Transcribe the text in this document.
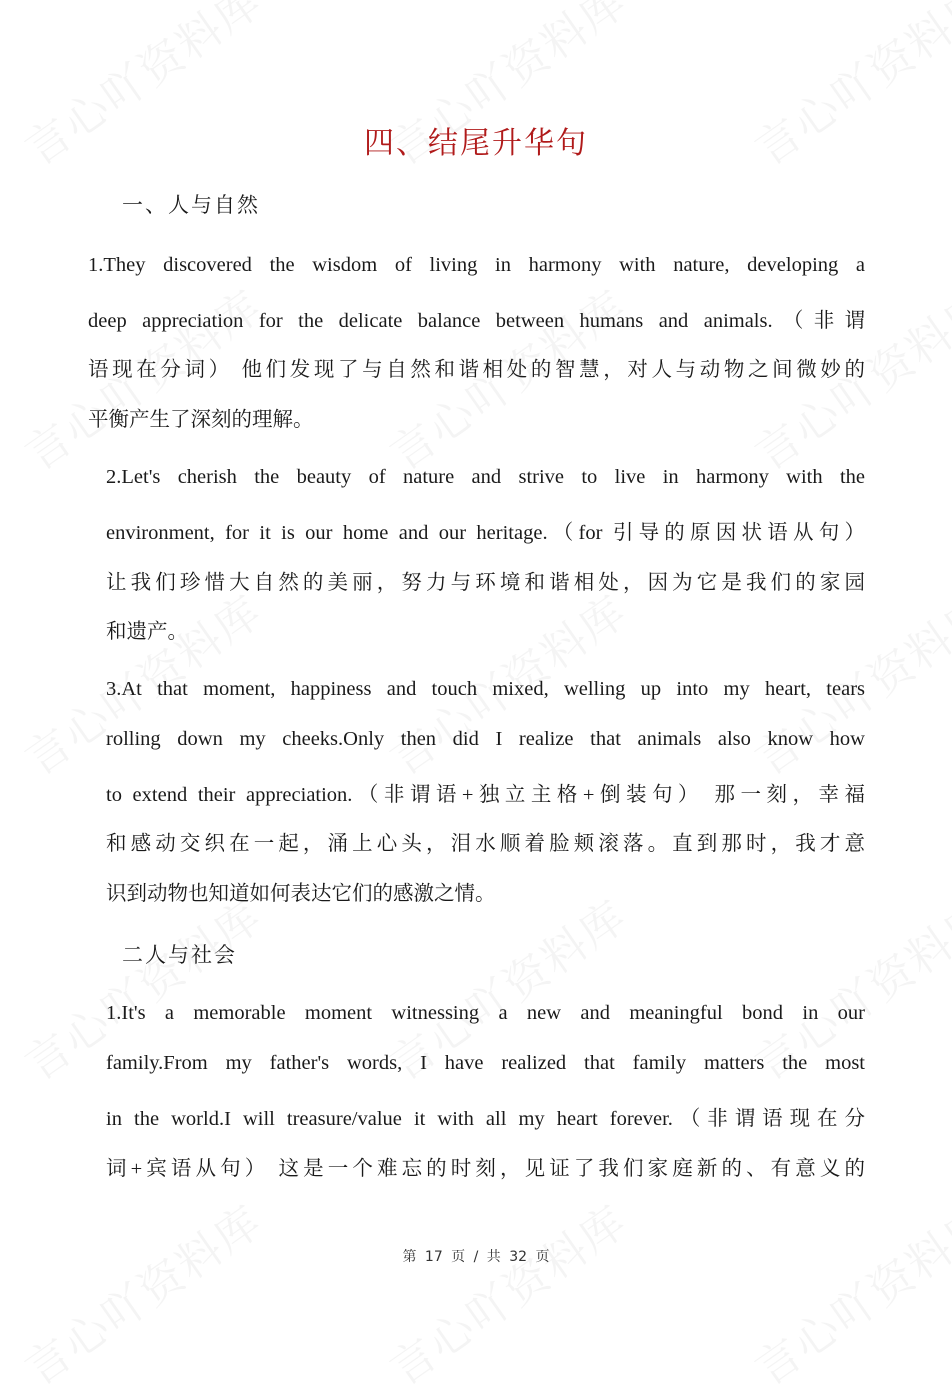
四、结尾升华句
一、人与自然
1.They discovered the wisdom of living in harmony with nature, developing a
deep appreciation for the delicate balance between humans and animals.（非谓
语现在分词） 他们发现了与自然和谐相处的智慧，对人与动物之间微妙的
平衡产生了深刻的理解。
2.Let's cherish the beauty of nature and strive to live in harmony with the
environment, for it is our home and our heritage.（for 引导的原因状语从句）
让我们珍惜大自然的美丽，努力与环境和谐相处，因为它是我们的家园
和遗产。
3.At that moment, happiness and touch mixed, welling up into my heart, tears
rolling down my cheeks.Only then did I realize that animals also know how
to extend their appreciation.（非谓语+独立主格+倒装句） 那一刻，幸福
和感动交织在一起，涌上心头，泪水顺着脸颊滚落。直到那时，我才意
识到动物也知道如何表达它们的感激之情。
二人与社会
1.It's a memorable moment witnessing a new and meaningful bond in our
family.From my father's words, I have realized that family matters the most
in the world.I will treasure/value it with all my heart forever.（非谓语现在分
词+宾语从句） 这是一个难忘的时刻，见证了我们家庭新的、有意义的
第 17 页 / 共 32 页
